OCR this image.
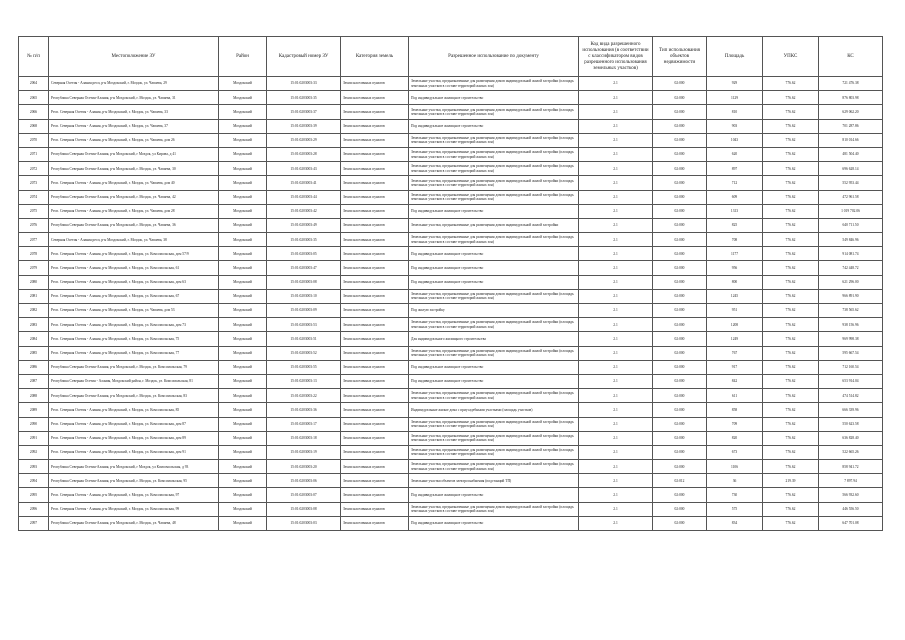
№ п/п	Местоположение ЗУ	Район	Кадастровый номер ЗУ	Категория земель	Разрешенное использование по документу	Код вида разрешенного использования (в соответствии с классификатором видов разрешенного использования земельных участков)	Тип использования объектов недвижимости	Площадь	УПКС	КС
2064	Северная Осетия - Алания респ, р-н Моздокский, г. Моздок, ул. Чапаева, 29	Моздокский	15:01:0203003:33	Земли населенных пунктов	Земельные участки, предназначенные для размещения домов индивидуальной жилой застройки (площадь земельных участков в составе территорий жилых зон)	2.1	02:000	929	776.62	721 476.38
2065	Республика Северная Осетия-Алания, р-н Моздокский, г. Моздок, ул. Чапаева, 31	Моздокский	15:01:0203003:35	Земли населенных пунктов	Под индивидуальное жилищное строительство	2.1	02:000	1129	776.62	876 803.98
2066	Респ. Северная Осетия - Алания, р-н Моздокский, г. Моздок, ул. Чапаева, 33	Моздокский	15:01:0203003:37	Земли населенных пунктов	Земельные участки, предназначенные для размещения домов индивидуальной жилой застройки (площадь земельных участков в составе территорий жилых зон)	2.1	02:000	810	776.62	629 062.20
2068	Респ. Северная Осетия - Алания, р-н Моздокский, г. Моздок, ул. Чапаева, 37	Моздокский	15:01:0203003:39	Земли населенных пунктов	Под индивидуальное жилищное строительство	2.1	02:000	903	776.62	701 287.86
2070	Респ. Северная Осетия - Алания, р-н Моздокский, г. Моздок, ул. Чапаева, дом 26	Моздокский	15:01:0203003:29	Земли населенных пунктов	Земельные участки, предназначенные для размещения домов индивидуальной жилой застройки (площадь земельных участков в составе территорий жилых зон)	2.1	02:000	1043	776.62	810 014.66
2071	Республика Северная Осетия-Алания, р-н Моздокский, г Моздок, ул Кирова, д 41	Моздокский	15:01:0203003:28	Земли населенных пунктов	Земельные участки, предназначенные для размещения домов индивидуальной жилой застройки (площадь земельных участков в составе территорий жилых зон)	2.1	02:000	620	776.62	481 504.40
2072	Республика Северная Осетия-Алания, р-н Моздокский, г. Моздок, ул. Чапаева, 30	Моздокский	15:01:0203003:43	Земли населенных пунктов	Земельные участки, предназначенные для размещения домов индивидуальной жилой застройки (площадь земельных участков в составе территорий жилых зон)	2.1	02:000	897	776.62	696 628.14
2073	Респ. Северная Осетия - Алания, р-н Моздокский, г. Моздок, ул. Чапаева, дом 40	Моздокский	15:01:0203003:41	Земли населенных пунктов	Земельные участки, предназначенные для размещения домов индивидуальной жилой застройки (площадь земельных участков в составе территорий жилых зон)	2.1	02:000	712	776.62	552 953.44
2074	Республика Северная Осетия-Алания, р-н Моздокский, г. Моздок, ул. Чапаева, 42	Моздокский	15:01:0203003:44	Земли населенных пунктов	Земельные участки, предназначенные для размещения домов индивидуальной жилой застройки (площадь земельных участков в составе территорий жилых зон)	2.1	02:000	609	776.62	472 961.58
2075	Респ. Северная Осетия - Алания, р-н Моздокский, г. Моздок, ул. Чапаева, дом 28	Моздокский	15:01:0203003:42	Земли населенных пунктов	Под индивидуальное жилищное строительство	2.1	02:000	1313	776.62	1 019 702.06
2076	Республика Северная Осетия-Алания, р-н Моздокский, г. Моздок, ул. Чапаева, 36	Моздокский	15:01:0203003:49	Земли населенных пунктов	Земельные участки, предназначенные для размещения домов индивидуальной жилой застройки	2.1	02:000	825	776.62	640 711.50
2077	Северная Осетия - Алания респ, р-н Моздокский, г. Моздок, ул. Чапаева, 38	Моздокский	15:01:0203003:35	Земли населенных пунктов	Земельные участки, предназначенные для размещения домов индивидуальной жилой застройки (площадь земельных участков в составе территорий жилых зон)	2.1	02:000	708	776.62	549 846.96
2078	Респ. Северная Осетия - Алания, р-н Моздокский, г. Моздок, ул. Комсомольская, дом 57/9	Моздокский	15:01:0203003:05	Земли населенных пунктов	Под индивидуальное жилищное строительство	2.1	02:000	1177	776.62	914 081.74
2079	Респ. Северная Осетия - Алания, р-н Моздокский, г. Моздок, ул. Комсомольская, 61	Моздокский	15:01:0203003:47	Земли населенных пунктов	Под индивидуальное жилищное строительство	2.1	02:000	956	776.62	742 448.72
2080	Респ. Северная Осетия - Алания, р-н Моздокский, г. Моздок, ул. Комсомольская, дом 63	Моздокский	15:01:0203003:08	Земли населенных пунктов	Под индивидуальное жилищное строительство	2.1	02:000	800	776.62	621 296.00
2081	Респ. Северная Осетия - Алания, р-н Моздокский, г. Моздок, ул. Комсомольская, 67	Моздокский	15:01:0203003:10	Земли населенных пунктов	Земельные участки, предназначенные для размещения домов индивидуальной жилой застройки (площадь земельных участков в составе территорий жилых зон)	2.1	02:000	1245	776.62	966 891.90
2082	Респ. Северная Осетия - Алания, р-н Моздокский, г. Моздок, ул. Чапаева, дом 53	Моздокский	15:01:0203003:09	Земли населенных пунктов	Под жилую застройку	2.1	02:000	951	776.62	738 565.62
2083	Респ. Северная Осетия - Алания, р-н Моздокский, г. Моздок, ул. Комсомольская, дом 73	Моздокский	15:01:0203003:53	Земли населенных пунктов	Земельные участки, предназначенные для размещения домов индивидуальной жилой застройки (площадь земельных участков в составе территорий жилых зон)	2.1	02:000	1208	776.62	938 156.96
2084	Респ. Северная Осетия - Алания, р-н Моздокский, г. Моздок, ул. Комсомольская, 75	Моздокский	15:01:0203003:51	Земли населенных пунктов	Для индивидуального жилищного строительства	2.1	02:000	1249	776.62	969 998.38
2085	Респ. Северная Осетия - Алания, р-н Моздокский, г. Моздок, ул. Комсомольская, 77	Моздокский	15:01:0203003:52	Земли населенных пунктов	Земельные участки, предназначенные для размещения домов индивидуальной жилой застройки (площадь земельных участков в составе территорий жилых зон)	2.1	02:000	767	776.62	595 667.54
2086	Республика Северная Осетия-Алания, р-н Моздокский, г. Моздок, ул. Комсомольская, 79	Моздокский	15:01:0203003:55	Земли населенных пунктов	Под индивидуальное жилищное строительство	2.1	02:000	917	776.62	712 160.54
2087	Республика Северная Осетия - Алания, Моздокский район, г. Моздок, ул. Комсомольская, 81	Моздокский	15:01:0203003:13	Земли населенных пунктов	Под индивидуальное жилищное строительство	2.1	02:000	842	776.62	653 914.04
2088	Республика Северная Осетия-Алания, р-н Моздокский, г. Моздок, ул. Комсомольская, 83	Моздокский	15:01:0203003:22	Земли населенных пунктов	Земельные участки, предназначенные для размещения домов индивидуальной жилой застройки (площадь земельных участков в составе территорий жилых зон)	2.1	02:000	611	776.62	474 514.82
2089	Респ. Северная Осетия - Алания, р-н Моздокский, г. Моздок, ул. Комсомольская, 85	Моздокский	15:01:0203003:36	Земли населенных пунктов	Индивидуальные жилые дома с приусадебными участками (площадь участков)	2.1	02:000	858	776.62	666 339.96
2090	Респ. Северная Осетия - Алания, р-н Моздокский, г. Моздок, ул. Комсомольская, дом 87	Моздокский	15:01:0203003:17	Земли населенных пунктов	Земельные участки, предназначенные для размещения домов индивидуальной жилой застройки (площадь земельных участков в составе территорий жилых зон)	2.1	02:000	709	776.62	550 623.58
2091	Респ. Северная Осетия - Алания, р-н Моздокский, г. Моздок, ул. Комсомольская, дом 89	Моздокский	15:01:0203003:18	Земли населенных пунктов	Земельные участки, предназначенные для размещения домов индивидуальной жилой застройки (площадь земельных участков в составе территорий жилых зон)	2.1	02:000	820	776.62	636 828.40
2092	Респ. Северная Осетия - Алания, р-н Моздокский, г. Моздок, ул. Комсомольская, дом 91	Моздокский	15:01:0203003:19	Земли населенных пунктов	Земельные участки, предназначенные для размещения домов индивидуальной жилой застройки (площадь земельных участков в составе территорий жилых зон)	2.1	02:000	673	776.62	522 665.26
2093	Республика Северная Осетия-Алания, р-н Моздокский, г Моздок, ул Комсомольская, д 93	Моздокский	15:01:0203003:20	Земли населенных пунктов	Земельные участки, предназначенные для размещения домов индивидуальной жилой застройки (площадь земельных участков в составе территорий жилых зон)	2.1	02:000	1106	776.62	858 941.72
2094	Республика Северная Осетия-Алания, р-н Моздокский, г. Моздок, ул. Комсомольская, 95	Моздокский	15:01:0203003:06	Земли населенных пунктов	Земельные участки объектов электроснабжения (подстанций ТП)	2.1	02:012	36	219.39	7 897.94
2095	Респ. Северная Осетия - Алания, р-н Моздокский, г. Моздок, ул. Комсомольская, 97	Моздокский	15:01:0203003:07	Земли населенных пунктов	Под индивидуальное жилищное строительство	2.1	02:000	730	776.62	566 932.60
2096	Респ. Северная Осетия - Алания, р-н Моздокский, г. Моздок, ул. Комсомольская, 99	Моздокский	15:01:0203003:08	Земли населенных пунктов	Земельные участки, предназначенные для размещения домов индивидуальной жилой застройки (площадь земельных участков в составе территорий жилых зон)	2.1	02:000	575	776.62	446 556.50
2097	Республика Северная Осетия-Алания, р-н Моздокский, г. Моздок, ул. Чапаева, 48	Моздокский	15:01:0203003:03	Земли населенных пунктов	Под индивидуальное жилищное строительство	2.1	02:000	834	776.62	647 701.08
